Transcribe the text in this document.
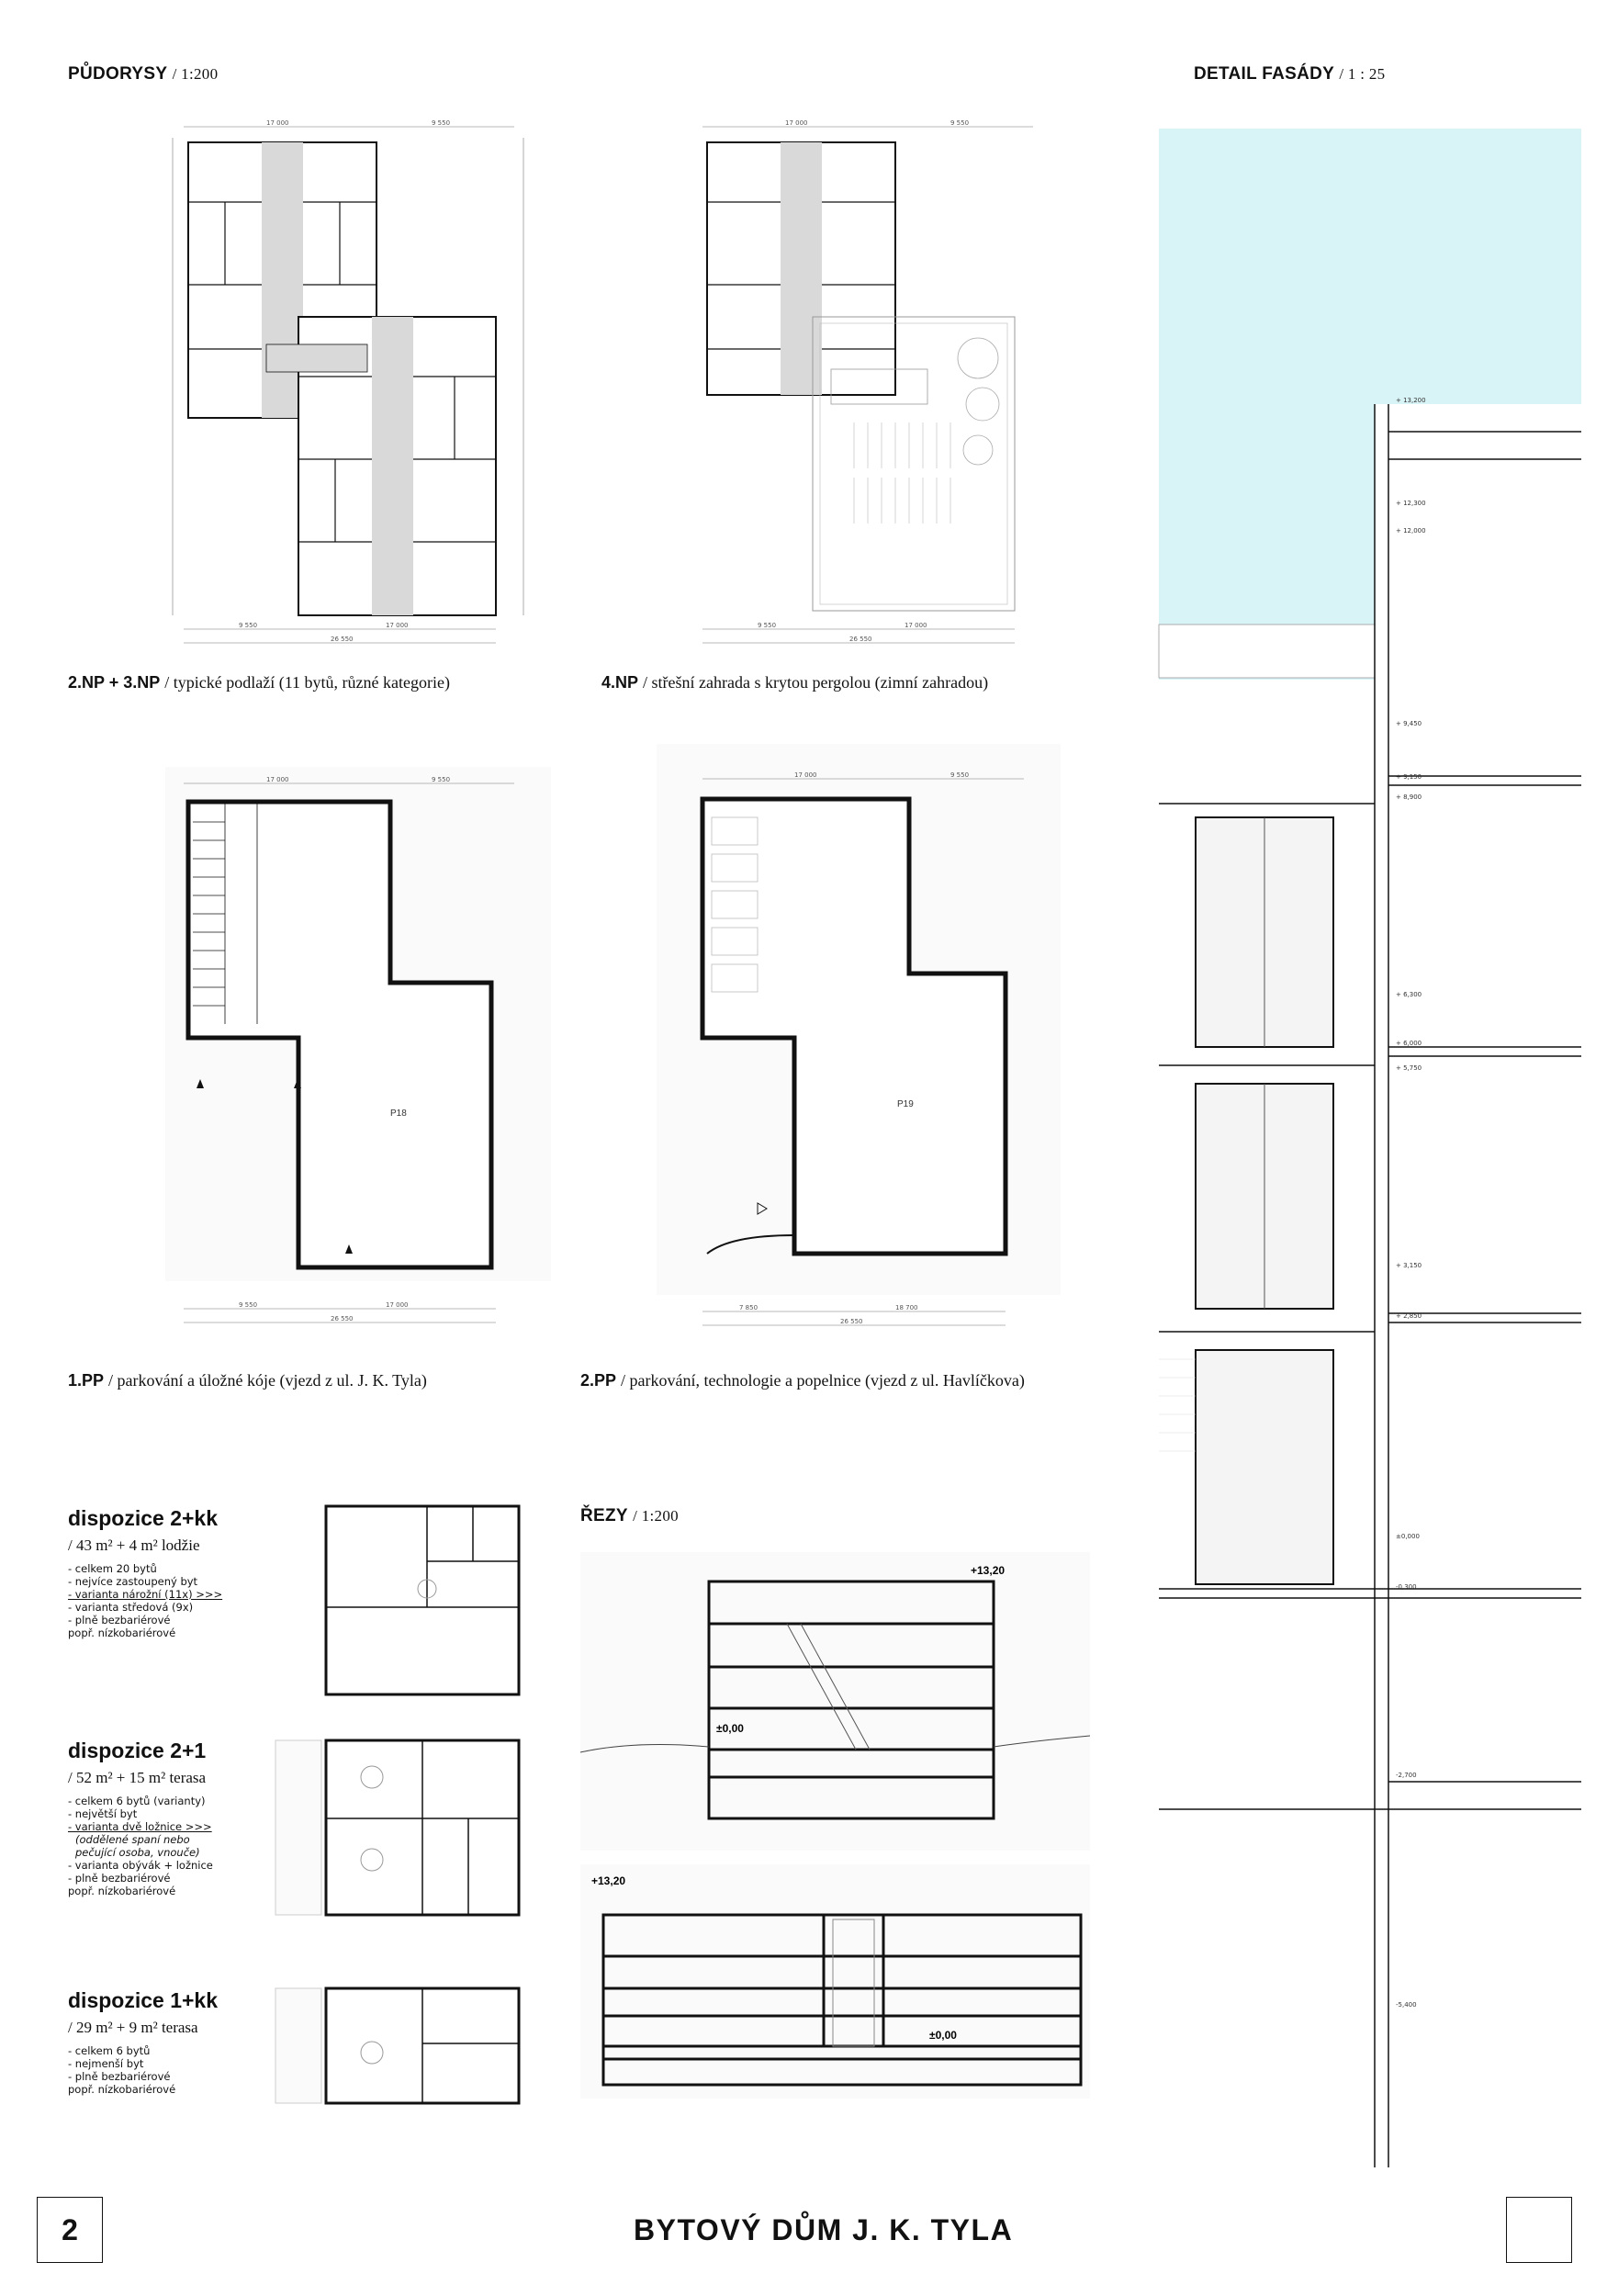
PŮDORYSY / 1:200	DETAIL FASÁDY / 1 : 25
17 000	9 550
9 550	17 000
26 550
2.NP + 3.NP / typické podlaží (11 bytů, různé kategorie)
17 000	9 550
9 550	17 000
26 550
4.NP / střešní zahrada s krytou pergolou (zimní zahradou)
17 000	9 550
P18
9 550	17 000
26 550
1.PP / parkování a úložné kóje (vjezd z ul. J. K. Tyla)
17 000	9 550
P19
7 850	18 700
26 550
2.PP / parkování, technologie a popelnice (vjezd z ul. Havlíčkova)
dispozice 2+kk
/ 43 m² + 4 m² lodžie
- celkem 20 bytů
- nejvíce zastoupený byt
- varianta nárožní (11x) >>>
- varianta středová (9x)
- plně bezbariérové
popř. nízkobariérové
dispozice 2+1
/ 52 m² + 15 m² terasa
- celkem 6 bytů (varianty)
- největší byt
- varianta dvě ložnice >>>
(oddělené spaní nebo
pečující osoba, vnouče)
- varianta obývák + ložnice
- plně bezbariérové
popř. nízkobariérové
dispozice 1+kk
/ 29 m² + 9 m² terasa
- celkem 6 bytů
- nejmenší byt
- plně bezbariérové
popř. nízkobariérové
ŘEZY / 1:200
+13,20
±0,00
+13,20
±0,00
+ 13,200
+ 12,300
+ 12,000
+ 9,450
+ 9,150
+ 8,900
+ 6,300
+ 6,000
+ 5,750
+ 3,150
+ 2,850
±0,000
-0,300
-2,700
-5,400
2	BYTOVÝ DŮM J. K. TYLA
